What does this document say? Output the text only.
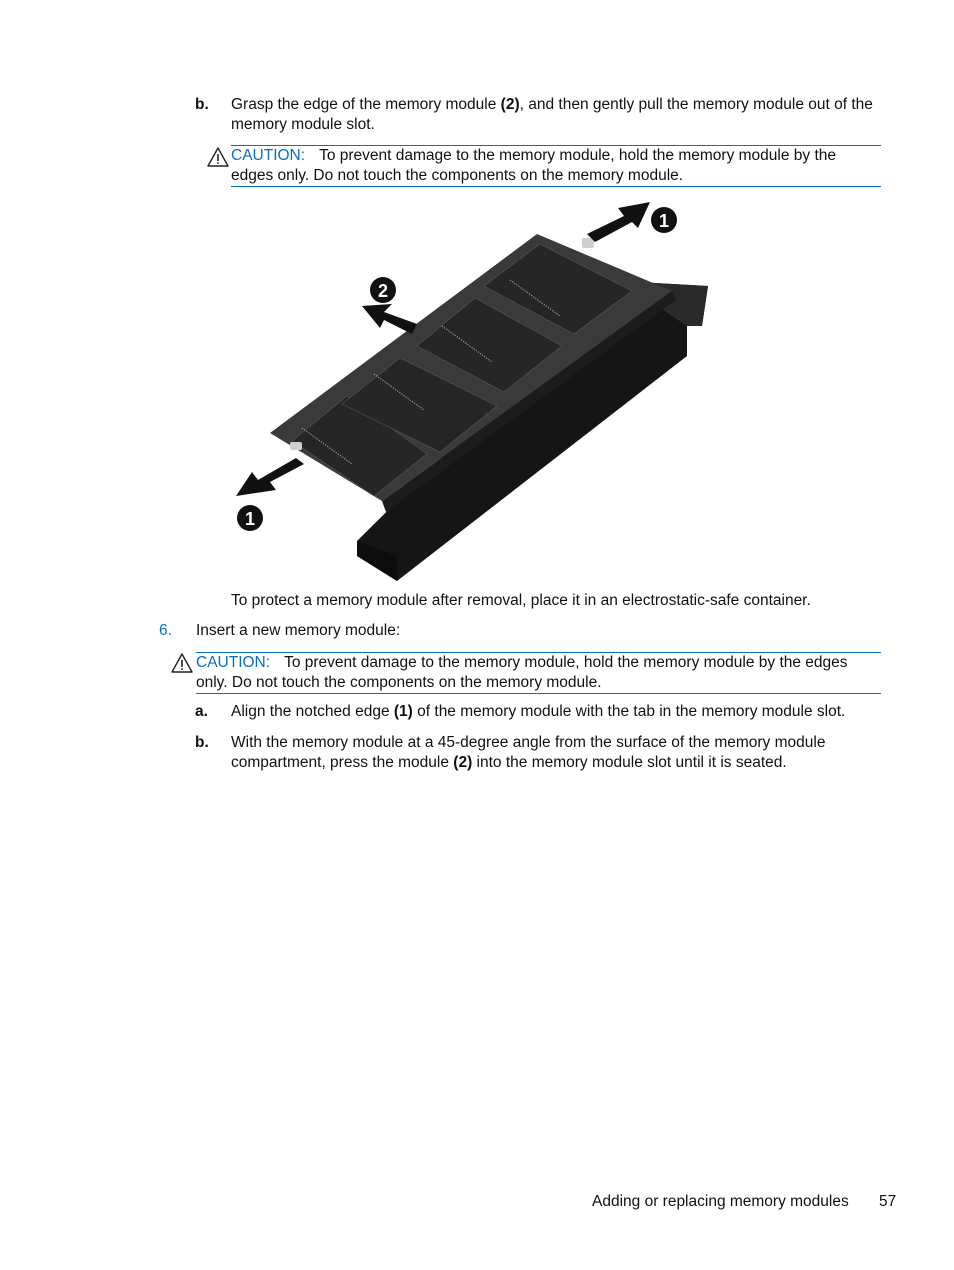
b. Grasp the edge of the memory module (2), and then gently pull the memory module out of the memory module slot.
CAUTION: To prevent damage to the memory module, hold the memory module by the edges only. Do not touch the components on the memory module.
1
2
1
To protect a memory module after removal, place it in an electrostatic-safe container.
6. Insert a new memory module:
CAUTION: To prevent damage to the memory module, hold the memory module by the edges only. Do not touch the components on the memory module.
a. Align the notched edge (1) of the memory module with the tab in the memory module slot.
b. With the memory module at a 45-degree angle from the surface of the memory module compartment, press the module (2) into the memory module slot until it is seated.
Adding or replacing memory modules 57
